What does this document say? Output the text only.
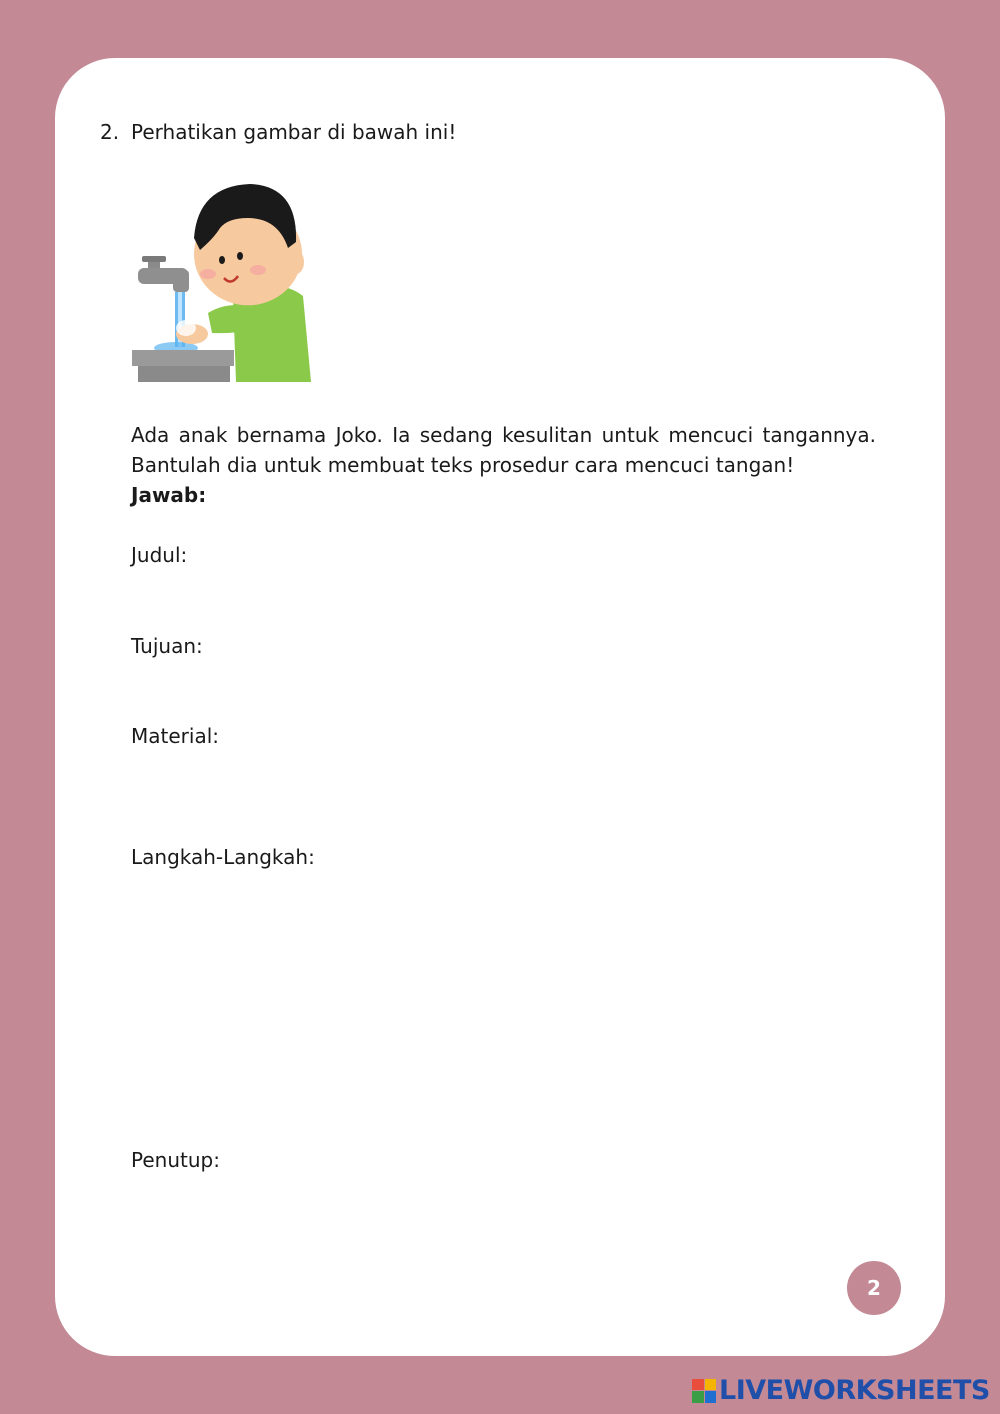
2. Perhatikan gambar di bawah ini!
Ada anak bernama Joko. Ia sedang kesulitan untuk mencuci tangannya. Bantulah dia untuk membuat teks prosedur cara mencuci tangan!
Jawab:
Judul:
Tujuan:
Material:
Langkah-Langkah:
Penutup:
2
LIVEWORKSHEETS
